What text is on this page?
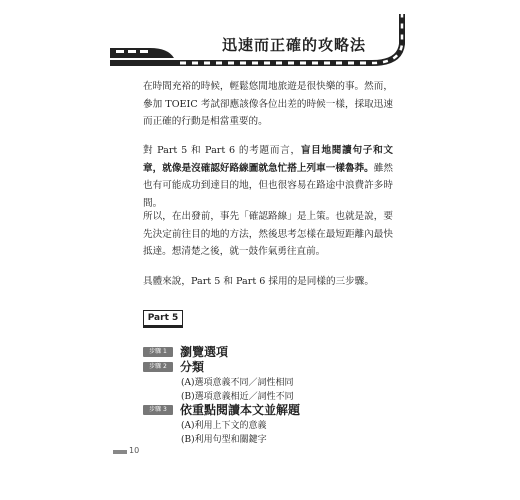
迅速而正確的攻略法

在時間充裕的時候，輕鬆悠閒地旅遊是很快樂的事。然而，參加 TOEIC 考試卻應該像各位出差的時候一樣，採取迅速而正確的行動是相當重要的。

對 Part 5 和 Part 6 的考題而言，盲目地閱讀句子和文章，就像是沒確認好路線圖就急忙搭上列車一樣魯莽。雖然也有可能成功到達目的地，但也很容易在路途中浪費許多時間。

所以，在出發前，事先「確認路線」是上策。也就是說，要先決定前往目的地的方法，然後思考怎樣在最短距離內最快抵達。想清楚之後，就一鼓作氣勇往直前。

具體來說，Part 5 和 Part 6 採用的是同樣的三步驟。

Part 5
步驟 1	瀏覽選項
步驟 2	分類
(A)選項意義不同／詞性相同
(B)選項意義相近／詞性不同
步驟 3	依重點閱讀本文並解題
(A)利用上下文的意義
(B)利用句型和關鍵字
10
